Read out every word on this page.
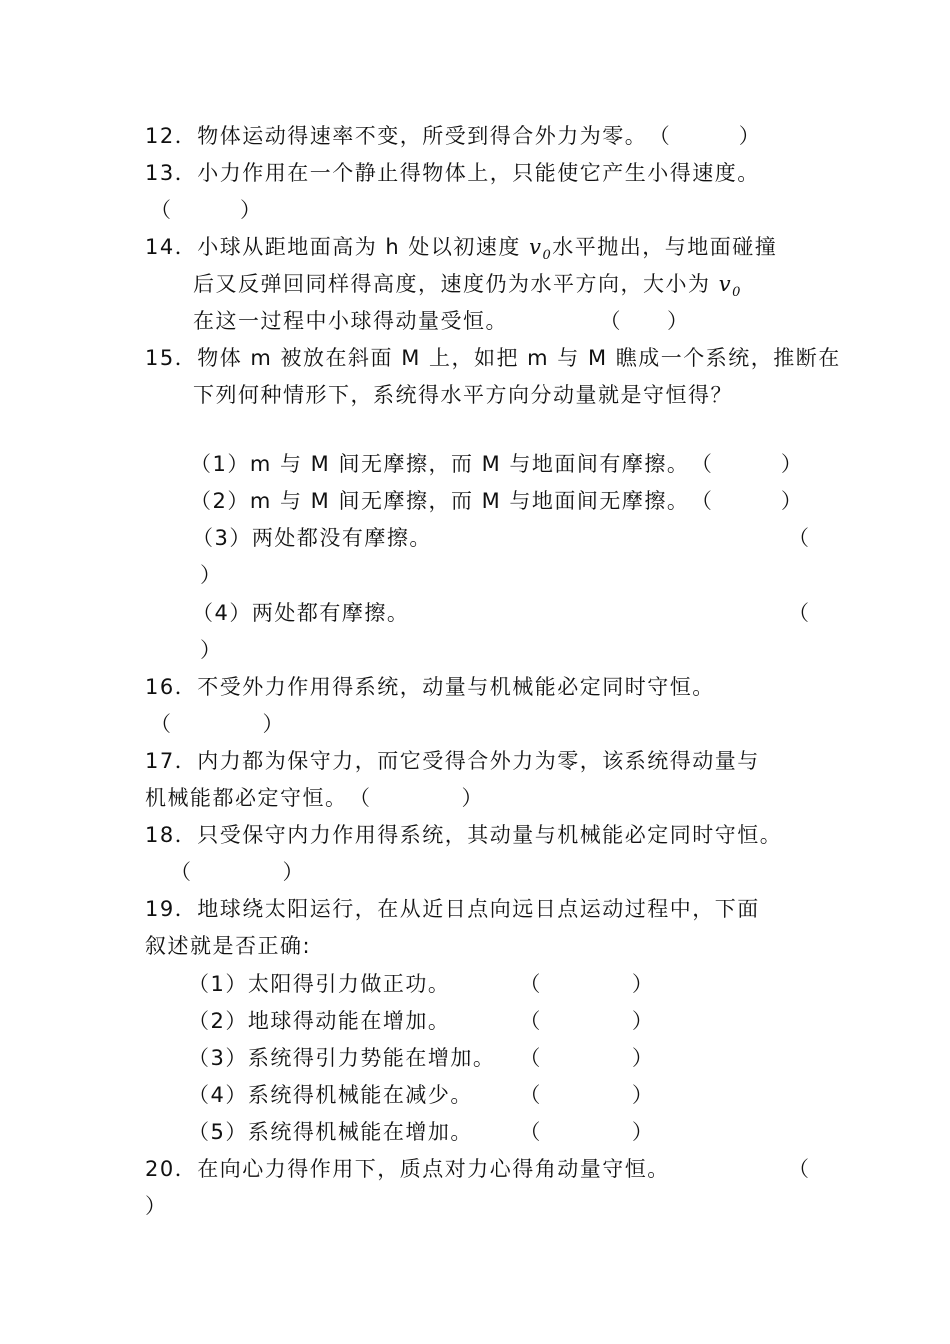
12．物体运动得速率不变，所受到得合外力为零。　（　　　）
13．小力作用在一个静止得物体上，只能使它产生小得速度。
（　　　）
14．小球从距地面高为 h 处以初速度 $v_0$水平抛出，与地面碰撞
后又反弹回同样得高度，速度仍为水平方向，大小为 $v_0$
在这一过程中小球得动量受恒。　　　　　（　　）
15．物体 m 被放在斜面 M 上，如把 m 与 M 瞧成一个系统，推断在
下列何种情形下，系统得水平方向分动量就是守恒得？
（1）m 与 M 间无摩擦，而 M 与地面间有摩擦。　（　　　）
（2）m 与 M 间无摩擦，而 M 与地面间无摩擦。　（　　　）
（3）两处都没有摩擦。	（
）
（4）两处都有摩擦。	（
）
16．不受外力作用得系统，动量与机械能必定同时守恒。
（　　　　）
17．内力都为保守力，而它受得合外力为零，该系统得动量与
机械能都必定守恒。　（　　　　）
18．只受保守内力作用得系统，其动量与机械能必定同时守恒。
（　　　　）
19．地球绕太阳运行，在从近日点向远日点运动过程中，下面
叙述就是否正确:
（1）太阳得引力做正功。　　　　（　　　　）
（2）地球得动能在增加。　　　　（　　　　）
（3）系统得引力势能在增加。　　（　　　　）
（4）系统得机械能在减少。　　　（　　　　）
（5）系统得机械能在增加。　　　（　　　　）
20．在向心力得作用下，质点对力心得角动量守恒。	（
）
